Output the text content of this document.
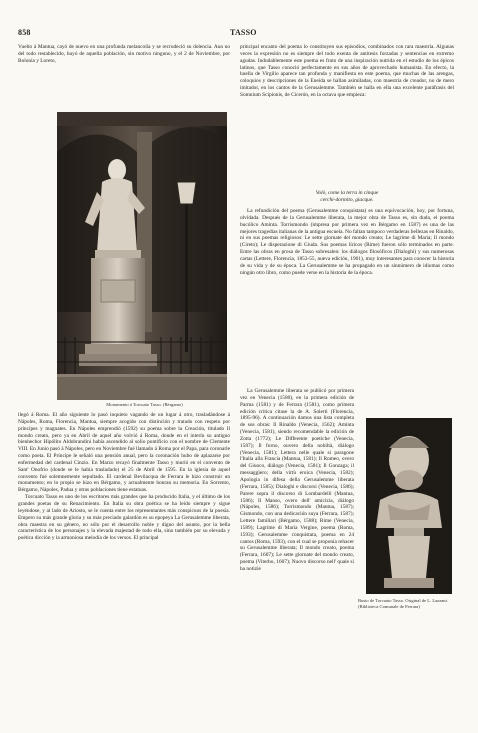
858	TASSO

Vuelto á Mantua, cayó de nuevo en una profunda melancolía y se recrudeció su dolencia. Aun no del todo restablecido, huyó de aquella población, sin motivo ninguno, y el 2 de Noviembre, por Bolonia y Loreto,

Monumento á Torcuato Tasso. (Bérgamo)

llegó á Roma. El año siguiente lo pasó inquieto vagando de un lugar á otro, trasladándose á Nápoles, Roma, Florencia, Mantua, siempre acogido con distinción y tratado con respeto por príncipes y magnates. En Nápoles emprendió (1592) su poema sobre la Creación, titulado Il mondo creato, pero ya en Abril de aquel año volvió á Roma, donde en el interín su antiguo bienhechor Hipólito Aldobrandini había ascendido al solio pontificio con el nombre de Clemente VIII. En Junio pasó á Nápoles, pero en Noviembre fué llamado á Roma por el Papa, para coronarle como poeta. El Príncipe le señaló una pensión anual, pero la coronación hubo de aplazarse por enfermedad del cardenal Cinzio. En Marzo recayó finalmente Tasso y murió en el convento de Sant' Onofrio (donde se le había trasladado) el 25 de Abril de 1595. En la iglesia de aquel convento fué solemnemente sepultado. El cardenal Bevilacqua de Ferrara le hizo construir un monumento; en lo propio se hizo en Bérgamo, y actualmente honran su memoria. En Sorrento, Bérgamo, Nápoles, Padua y otras poblaciones tiene estatuas.

Torcuato Tasso es uno de los escritores más grandes que ha producido Italia, y el último de los grandes poetas de su Renacimiento. En Italia su obra poética se ha leído siempre y sigue leyéndose, y al lado de Ariosto, se le cuenta entre los representantes más conspicuos de la poesía. Empero su más grande gloria y su más preciado galardón es su epopeya La Gerusalemme liberata, obra maestra en su género, no sólo por el desarrollo noble y digno del asunto, por la bella característica de los personajes y la elevada majestad de todo ella, sino también por su elevada y poética dicción y la armoniosa melodía de los versos. El principal

principal encanto del poema lo constituyen sus episodios, combinados con rara maestría. Algunas veces la expresión no es siempre del todo exenta de antítesis forzadas y sentencias en extremo agudas. Indudablemente este poema es fruto de una inspiración nutrida en el estudio de los épicos latinos, que Tasso conoció perfectamente en sus años de aprovechado humanista. En efecto, la huella de Virgilio aparece tan profunda y manifiesta en este poema, que muchas de las arengas, coloquios y descripciones de la Eneida se hallan asimiladas, con maestría de creador, no de mero imitador, en los cantos de la Gerusalemme. También se halla en ella una excelente paráfrasis del Somnium Scipionis, de Cicerón, en la octava que empieza:

Volò, come la terra in cinque
cerchi-dormito, giacque.

La refundición del poema (Gerusalemme conquistata) es una equivocación, hoy, por fortuna, olvidada. Después de la Gerusalemme liberata, la mejor obra de Tasso es, sin duda, el poema bucólico Aminta. Torrismondo (impresa por primera vez en Bérgamo en 1587) es una de las mejores tragedias italianas de la antigua escuela. No faltan tampoco verdaderas bellezas en Rinaldo, ni en sus poemas religiosos: Le sette giornate del mondo creato; Le lagrime di Maria; Il mondo (Cireto); Le disperazione di Giuda. Sus poemas líricos (Rime) fueron sólo terminados en parte. Entre las obras en prosa de Tasso sobresalen: los diálogos filosóficos (Dialoghi) y sus numerosas cartas (Lettere, Florencia, 1853-55, nueva edición, 1901), muy interesantes para conocer la historia de su vida y de su época. La Gerusalemme se ha propagado en un sinnúmero de idiomas como ningún otro libro, como puede verse en la historia de la época.

La Gerusalemme liberata se publicó por primera vez en Venecia (1580), en la primera edición de Parma (1581) y de Ferrara (1581), como primera edición crítica citase la de A. Solerti (Florencia, 1895-96). A continuación damos una lista completa de sus obras: Il Rinaldo (Venecia, 1562); Aminta (Venecia, 1581), siendo recomendable la edición de Zotta (1772); Le Differente poetiche (Venecia, 1587); Il forno, ouvero della nobiltà, diálogo (Venecia, 1581); Lettera nelle quale si paragone l'Italia alla Francia (Mantua, 1581); Il Romeo, overo del Giuoco, diálogo (Venecia, 1581); Il Gonzaga; il messaggiero; della virtù eroica (Venecia, 1582); Apologia in difesa della Gerusalemme liberata (Ferrara, 1585); Dialoghi e discorsi (Venecia, 1586); Parere sopra il discorso di Lombardelli (Mantua, 1586); Il Manso, overo dell' amicizia, diálogo (Nápoles, 1586); Torrismondo (Mantua, 1587); Gismondo, con una dedicación suya (Ferrara, 1587); Lettere familiari (Bérgamo, 1588); Rime (Venecia, 1589); Lagrime di Maria Vergine, poema (Roma, 1593); Gerusalemme conquistata, poema en 24 cantos (Roma, 1593), con el cual se proponía rehacer su Gerusalemme liberata; Il mondo creato, poema (Ferrara, 1607); Le sette giornate del mondo creato, poema (Viterbo, 1607); Nuovo discorso nell' quale si ha notizie

Busto de Torcuato Tasso. Original de L. Lazzani. (Biblioteca Comunale de Ferrara)
